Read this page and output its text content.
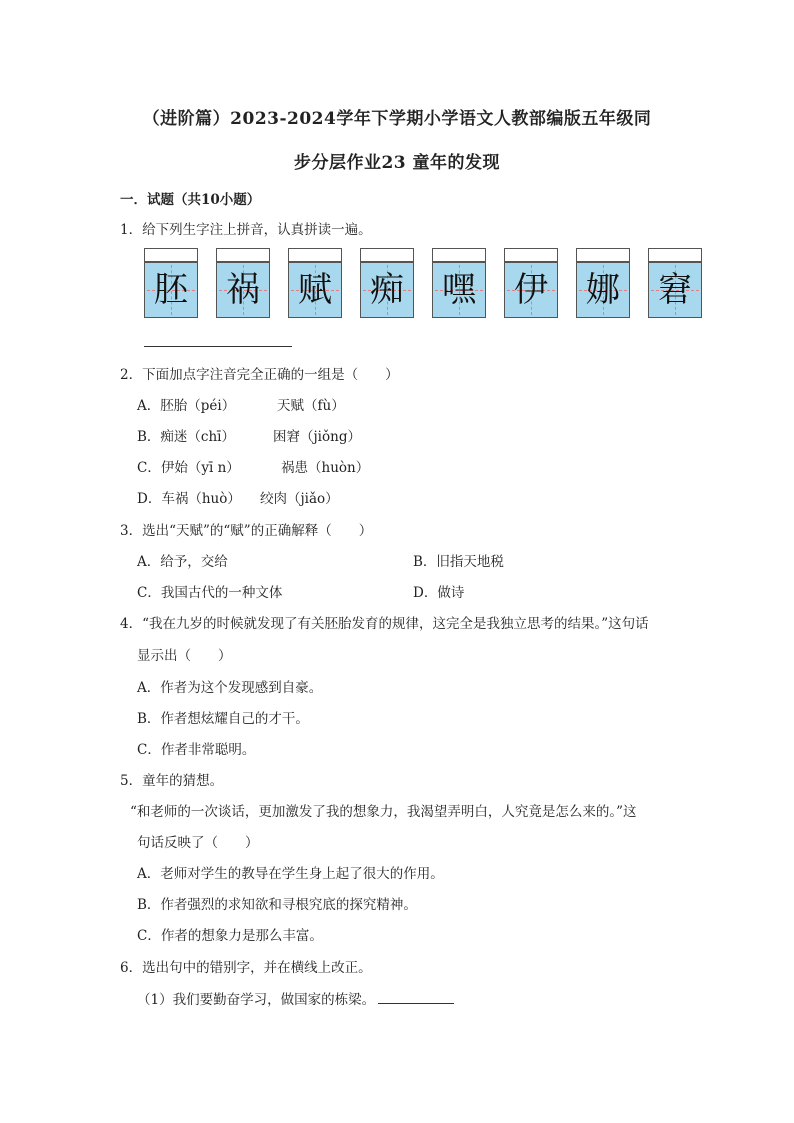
（进阶篇）2023-2024学年下学期小学语文人教部编版五年级同
步分层作业23 童年的发现
一．试题（共10小题）
1．给下列生字注上拼音，认真拼读一遍。
胚 祸 赋 痴 嘿 伊 娜 窘
2．下面加点字注音完全正确的一组是（　　）
A．胚胎（péi）	天赋（fù）
B．痴迷（chī）	困窘（jiǒng）
C．伊始（yī n）	祸患（huòn）
D．车祸（huò） 绞肉（jiǎo）
3．选出“天赋”的“赋”的正确解释（　　）
A．给予，交给	B．旧指天地税
C．我国古代的一种文体	D．做诗
4．“我在九岁的时候就发现了有关胚胎发育的规律，这完全是我独立思考的结果。”这句话
显示出（　　）
A．作者为这个发现感到自豪。
B．作者想炫耀自己的才干。
C．作者非常聪明。
5．童年的猜想。
“和老师的一次谈话，更加激发了我的想象力，我渴望弄明白，人究竟是怎么来的。”这
句话反映了（　　）
A．老师对学生的教导在学生身上起了很大的作用。
B．作者强烈的求知欲和寻根究底的探究精神。
C．作者的想象力是那么丰富。
6．选出句中的错别字，并在横线上改正。
（1）我们要勤奋学习，做国家的栋梁。
